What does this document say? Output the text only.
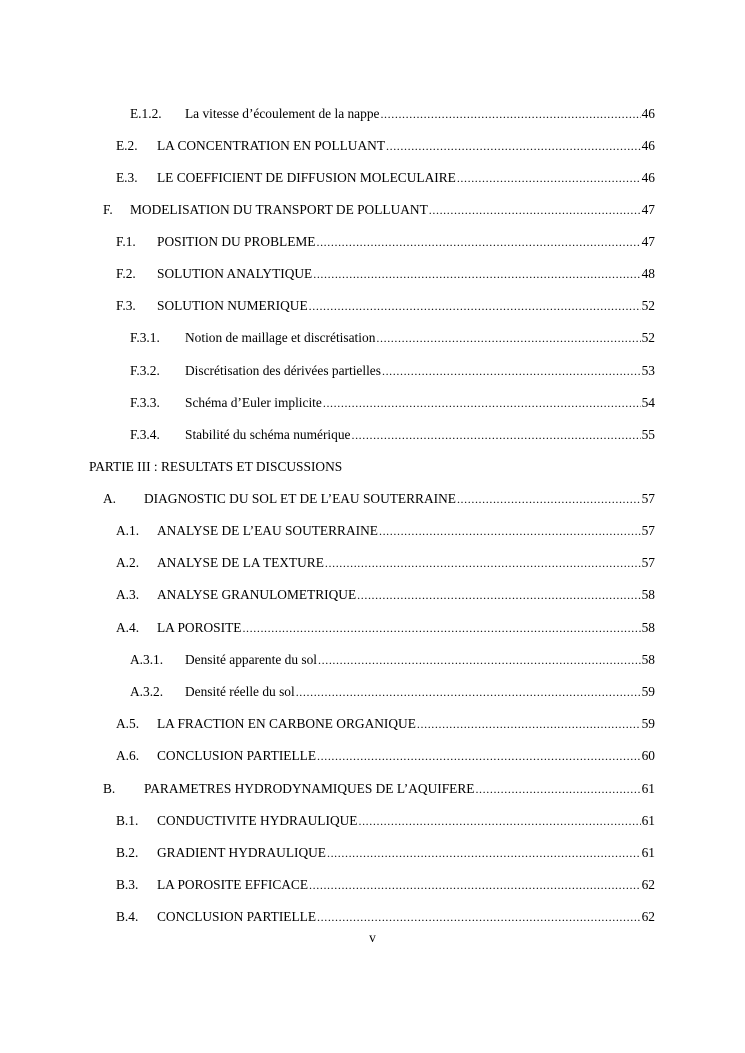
E.1.2.	La vitesse d’écoulement de la nappe .....	46
E.2.	LA CONCENTRATION EN POLLUANT .....	46
E.3.	LE COEFFICIENT DE DIFFUSION MOLECULAIRE .....	46
F.	MODELISATION DU TRANSPORT DE POLLUANT .....	47
F.1.	POSITION DU PROBLEME .....	47
F.2.	SOLUTION ANALYTIQUE .....	48
F.3.	SOLUTION NUMERIQUE .....	52
F.3.1.	Notion de maillage et discrétisation .....	52
F.3.2.	Discrétisation des dérivées partielles .....	53
F.3.3.	Schéma d’Euler implicite .....	54
F.3.4.	Stabilité du schéma numérique .....	55
PARTIE III : RESULTATS ET DISCUSSIONS
A.	DIAGNOSTIC DU SOL ET DE L’EAU SOUTERRAINE .....	57
A.1.	ANALYSE DE L’EAU SOUTERRAINE .....	57
A.2.	ANALYSE DE LA TEXTURE .....	57
A.3.	ANALYSE GRANULOMETRIQUE .....	58
A.4.	LA POROSITE .....	58
A.3.1.	Densité apparente du sol .....	58
A.3.2.	Densité réelle du sol .....	59
A.5.	LA FRACTION EN CARBONE ORGANIQUE .....	59
A.6.	CONCLUSION PARTIELLE .....	60
B.	PARAMETRES HYDRODYNAMIQUES DE L’AQUIFERE .....	61
B.1.	CONDUCTIVITE HYDRAULIQUE .....	61
B.2.	GRADIENT HYDRAULIQUE .....	61
B.3.	LA POROSITE EFFICACE .....	62
B.4.	CONCLUSION PARTIELLE .....	62
v
